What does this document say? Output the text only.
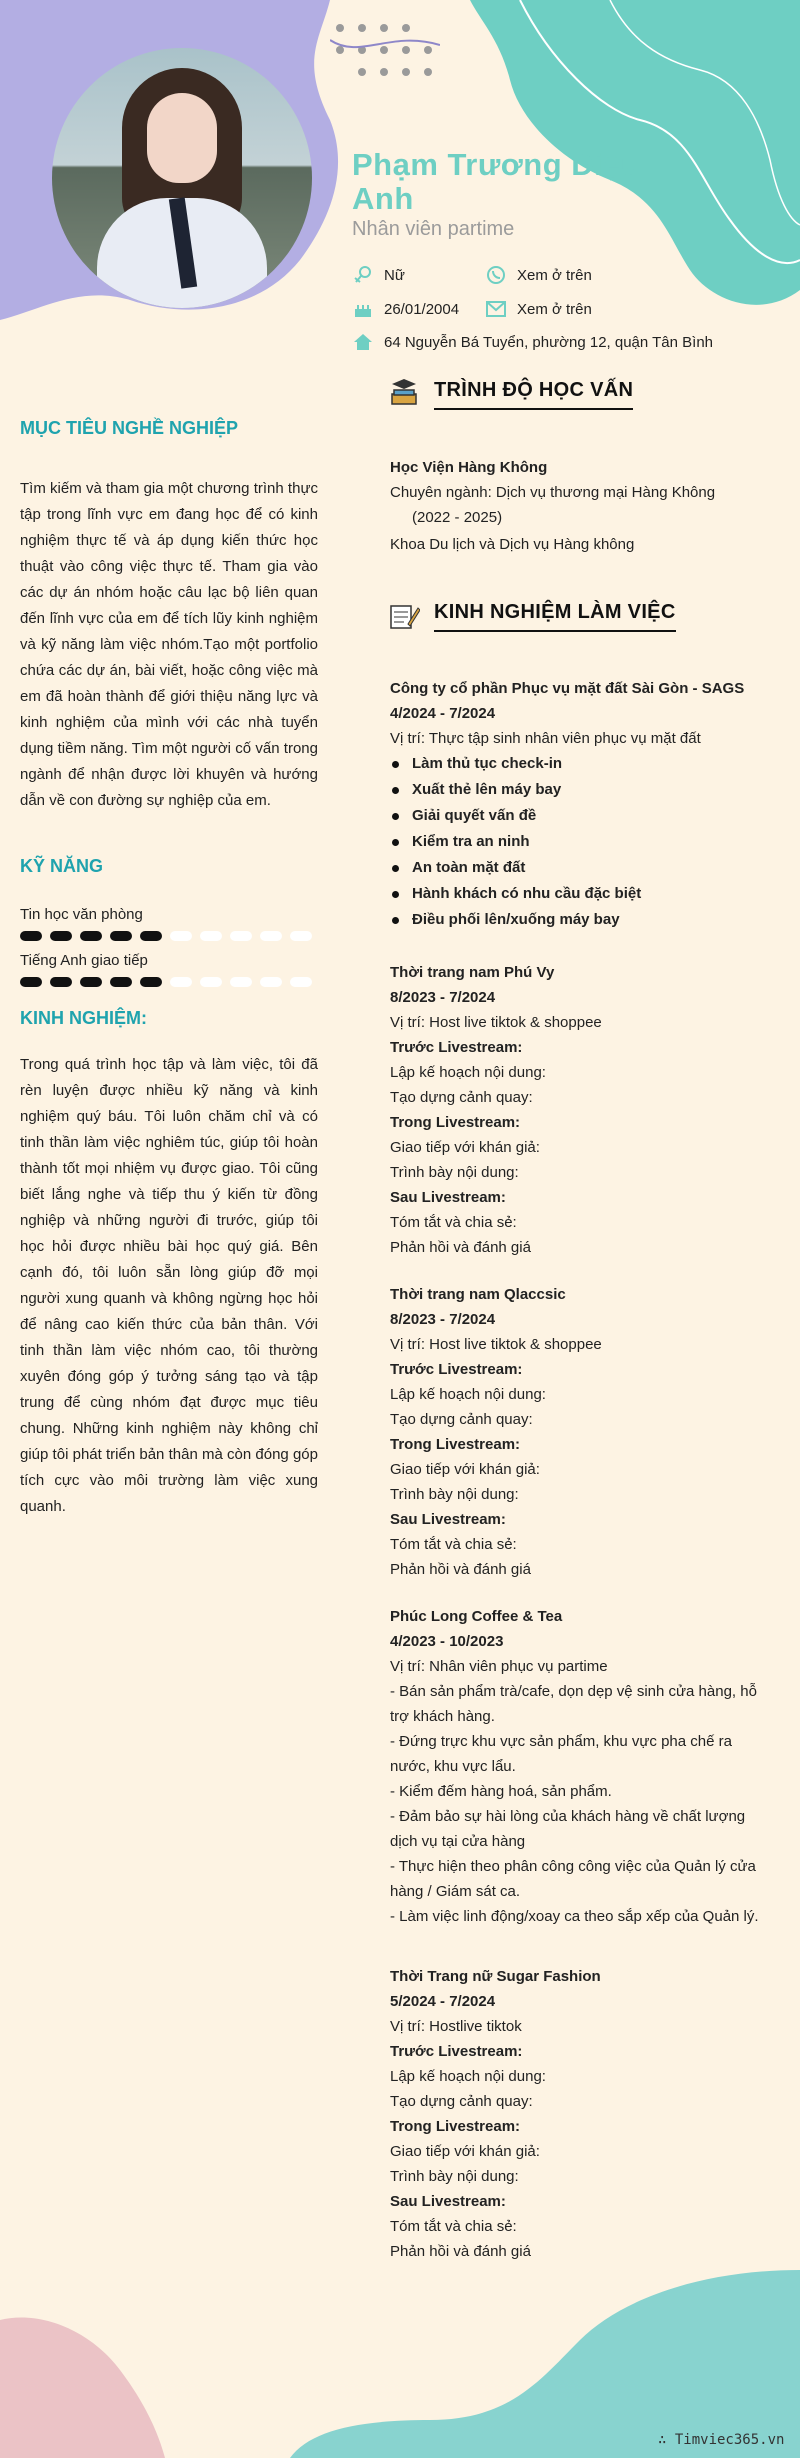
Phạm Trương Diệu Anh
Nhân viên partime
Nữ	Xem ở trên
26/01/2004	Xem ở trên
64 Nguyễn Bá Tuyển, phường 12, quận Tân Bình
MỤC TIÊU NGHỀ NGHIỆP
Tìm kiếm và tham gia một chương trình thực tập trong lĩnh vực em đang học để có kinh nghiệm thực tế và áp dụng kiến thức học thuật vào công việc thực tế. Tham gia vào các dự án nhóm hoặc câu lạc bộ liên quan đến lĩnh vực của em để tích lũy kinh nghiệm và kỹ năng làm việc nhóm.Tạo một portfolio chứa các dự án, bài viết, hoặc công việc mà em đã hoàn thành để giới thiệu năng lực và kinh nghiệm của mình với các nhà tuyển dụng tiềm năng. Tìm một người cố vấn trong ngành để nhận được lời khuyên và hướng dẫn về con đường sự nghiệp của em.
KỸ NĂNG
Tin học văn phòng
Tiếng Anh giao tiếp
KINH NGHIỆM:
Trong quá trình học tập và làm việc, tôi đã rèn luyện được nhiều kỹ năng và kinh nghiệm quý báu. Tôi luôn chăm chỉ và có tinh thần làm việc nghiêm túc, giúp tôi hoàn thành tốt mọi nhiệm vụ được giao. Tôi cũng biết lắng nghe và tiếp thu ý kiến từ đồng nghiệp và những người đi trước, giúp tôi học hỏi được nhiều bài học quý giá. Bên cạnh đó, tôi luôn sẵn lòng giúp đỡ mọi người xung quanh và không ngừng học hỏi để nâng cao kiến thức của bản thân. Với tinh thần làm việc nhóm cao, tôi thường xuyên đóng góp ý tưởng sáng tạo và tập trung để cùng nhóm đạt được mục tiêu chung. Những kinh nghiệm này không chỉ giúp tôi phát triển bản thân mà còn đóng góp tích cực vào môi trường làm việc xung quanh.
TRÌNH ĐỘ HỌC VẤN
Học Viện Hàng Không
Chuyên ngành: Dịch vụ thương mại Hàng Không
(2022 - 2025)
Khoa Du lịch và Dịch vụ Hàng không
KINH NGHIỆM LÀM VIỆC
Công ty cổ phần Phục vụ mặt đất Sài Gòn - SAGS
4/2024 - 7/2024
Vị trí: Thực tập sinh nhân viên phục vụ mặt đất
Làm thủ tục check-in
Xuất thẻ lên máy bay
Giải quyết vấn đề
Kiểm tra an ninh
An toàn mặt đất
Hành khách có nhu cầu đặc biệt
Điều phối lên/xuống máy bay
Thời trang nam Phú Vy
8/2023 - 7/2024
Vị trí: Host live tiktok & shoppee
Trước Livestream:
Lập kế hoạch nội dung:
Tạo dựng cảnh quay:
Trong Livestream:
Giao tiếp với khán giả:
Trình bày nội dung:
Sau Livestream:
Tóm tắt và chia sẻ:
Phản hồi và đánh giá
Thời trang nam Qlaccsic
8/2023 - 7/2024
Vị trí: Host live tiktok & shoppee
Trước Livestream:
Lập kế hoạch nội dung:
Tạo dựng cảnh quay:
Trong Livestream:
Giao tiếp với khán giả:
Trình bày nội dung:
Sau Livestream:
Tóm tắt và chia sẻ:
Phản hồi và đánh giá
Phúc Long Coffee & Tea
4/2023 - 10/2023
Vị trí: Nhân viên phục vụ partime
- Bán sản phẩm trà/cafe, dọn dẹp vệ sinh cửa hàng, hỗ trợ khách hàng.
- Đứng trực khu vực sản phẩm, khu vực pha chế ra nước, khu vực lẩu.
- Kiểm đếm hàng hoá, sản phẩm.
- Đảm bảo sự hài lòng của khách hàng về chất lượng dịch vụ tại cửa hàng
- Thực hiện theo phân công công việc của Quản lý cửa hàng / Giám sát ca.
- Làm việc linh động/xoay ca theo sắp xếp của Quản lý.
Thời Trang nữ Sugar Fashion
5/2024 - 7/2024
Vị trí: Hostlive tiktok
Trước Livestream:
Lập kế hoạch nội dung:
Tạo dựng cảnh quay:
Trong Livestream:
Giao tiếp với khán giả:
Trình bày nội dung:
Sau Livestream:
Tóm tắt và chia sẻ:
Phản hồi và đánh giá
∴ Timviec365.vn
